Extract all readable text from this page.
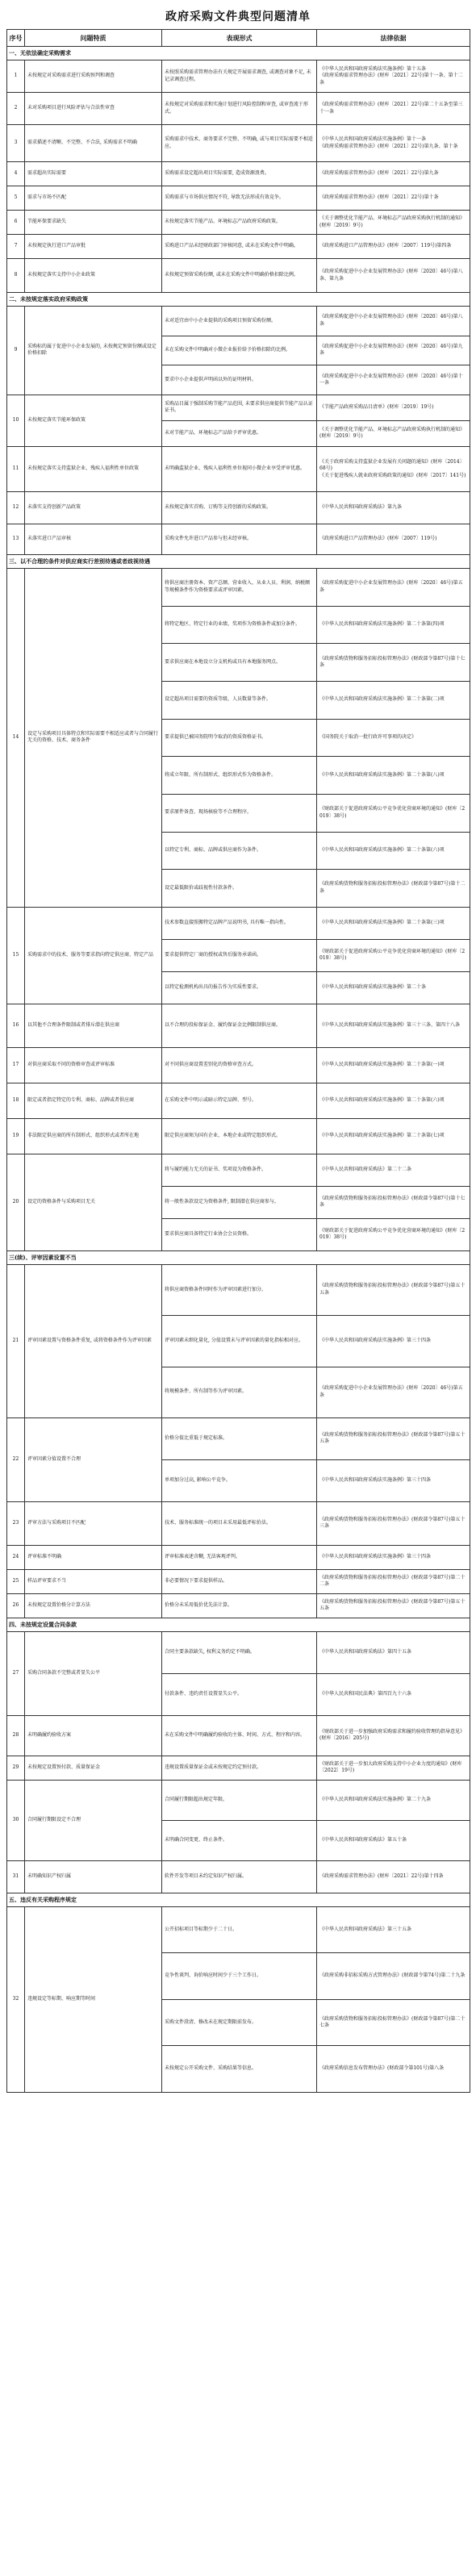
政府采购文件典型问题清单
序号	问题特质	表现形式	法律依据
一、无依法确定采购需求			
1	未按规定对采购需求进行采购预判和调查	未按照采购需求管理办法有关规定开展需求调查, 或调查对象不足, 未记录调查过程。	《中华人民共和国政府采购法实施条例》第十五条
《政府采购需求管理办法》(财库〔2021〕22号)第十一条、第十二条
2	未对采购项目进行风险评估与合法性审查	未按规定对采购需求和实施计划进行风险控制和审查, 或审查流于形式。	《政府采购需求管理办法》(财库〔2021〕22号)第二十五条至第三十一条
3	需求描述不清晰、不完整、不合法, 采购需求不明确	采购需求中技术、商务要求不完整、不明确, 或与项目实际需要不相适应。	《中华人民共和国政府采购法实施条例》第十一条
《政府采购需求管理办法》(财库〔2021〕22号)第九条、第十条
4	需求超出实际需要	采购需求设定超出项目实际需要, 造成资源浪费。	《政府采购需求管理办法》(财库〔2021〕22号)第九条
5	需求与市场不匹配	采购需求与市场供应情况不符, 导致无法形成有效竞争。	《政府采购需求管理办法》(财库〔2021〕22号)第十条
6	节能环保要求缺失	未按规定落实节能产品、环境标志产品政府采购政策。	《关于调整优化节能产品、环境标志产品政府采购执行机制的通知》(财库〔2019〕9号)
7	未按规定执行进口产品审批	采购进口产品未经财政部门审核同意, 或未在采购文件中明确。	《政府采购进口产品管理办法》(财库〔2007〕119号)第四条
8	未按规定落实支持中小企业政策	未按规定预留采购份额, 或未在采购文件中明确价格扣除比例。	《政府采购促进中小企业发展管理办法》(财库〔2020〕46号)第八条、第九条
二、未按规定落实政府采购政策			
9	采购标的属于促进中小企业发展的, 未按规定预留份额或设定价格扣除	未对适宜由中小企业提供的采购项目预留采购份额。	《政府采购促进中小企业发展管理办法》(财库〔2020〕46号)第八条
		未在采购文件中明确对小微企业报价给予价格扣除的比例。	《政府采购促进中小企业发展管理办法》(财库〔2020〕46号)第九条
		要求中小企业提供声明函以外的证明材料。	《政府采购促进中小企业发展管理办法》(财库〔2020〕46号)第十一条
10	未按规定落实节能环保政策	采购品目属于强制采购节能产品范围, 未要求供应商提供节能产品认证证书。	《节能产品政府采购品目清单》(财库〔2019〕19号)
		未对节能产品、环境标志产品给予评审优惠。	《关于调整优化节能产品、环境标志产品政府采购执行机制的通知》(财库〔2019〕9号)
11	未按规定落实支持监狱企业、残疾人福利性单位政策	未明确监狱企业、残疾人福利性单位视同小微企业享受评审优惠。	《关于政府采购支持监狱企业发展有关问题的通知》(财库〔2014〕68号)
《关于促进残疾人就业政府采购政策的通知》(财库〔2017〕141号)
12	未落实支持创新产品政策	未按规定落实首购、订购等支持创新的采购政策。	《中华人民共和国政府采购法》第九条
13	未落实进口产品审核	采购文件允许进口产品参与但未经审核。	《政府采购进口产品管理办法》(财库〔2007〕119号)
三、以不合理的条件对供应商实行差别待遇或者歧视待遇			
14	设定与采购项目具体特点和实际需要不相适应或者与合同履行无关的资格、技术、商务条件	将供应商注册资本、资产总额、营业收入、从业人员、利润、纳税额等规模条件作为资格要求或评审因素。	《政府采购促进中小企业发展管理办法》(财库〔2020〕46号)第五条
		将特定地区、特定行业的业绩、奖项作为资格条件或加分条件。	《中华人民共和国政府采购法实施条例》第二十条第(四)项
		要求供应商在本地设立分支机构或具有本地服务网点。	《政府采购货物和服务招标投标管理办法》(财政部令第87号)第十七条
		设定超出项目需要的资质等级、人员数量等条件。	《中华人民共和国政府采购法实施条例》第二十条第(二)项
		要求提供已被国务院明令取消的资质资格证书。	《国务院关于取消一批行政许可事项的决定》
		将成立年限、所有制形式、组织形式作为资格条件。	《中华人民共和国政府采购法实施条例》第二十条第(八)项
		要求原件备查、现场核验等不合理程序。	《财政部关于促进政府采购公平竞争优化营商环境的通知》(财库〔2019〕38号)
		以特定专利、商标、品牌或供应商作为条件。	《中华人民共和国政府采购法实施条例》第二十条第(六)项
		设定最低限价或歧视性付款条件。	《政府采购货物和服务招标投标管理办法》(财政部令第87号)第十二条
15	采购需求中的技术、服务等要求指向特定供应商、特定产品	技术参数直接照搬特定品牌产品说明书, 具有唯一指向性。	《中华人民共和国政府采购法实施条例》第二十条第(三)项
		要求提供特定厂商的授权或售后服务承诺函。	《财政部关于促进政府采购公平竞争优化营商环境的通知》(财库〔2019〕38号)
		以特定检测机构出具的报告作为实质性要求。	《中华人民共和国政府采购法实施条例》第二十条
16	以其他不合理条件限制或者排斥潜在供应商	以不合理的投标保证金、履约保证金比例限制供应商。	《中华人民共和国政府采购法实施条例》第三十三条、第四十八条
17	对供应商采取不同的资格审查或评审标准	对不同供应商设置差别化的资格审查方式。	《中华人民共和国政府采购法实施条例》第二十条第(一)项
18	限定或者指定特定的专利、商标、品牌或者供应商	在采购文件中明示或暗示特定品牌、型号。	《中华人民共和国政府采购法实施条例》第二十条第(六)项
19	非法限定供应商的所有制形式、组织形式或者所在地	限定供应商须为国有企业、本地企业或特定组织形式。	《中华人民共和国政府采购法实施条例》第二十条第(七)项
20	设定的资格条件与采购项目无关	将与履约能力无关的证书、奖项设为资格条件。	《中华人民共和国政府采购法》第二十二条
		将一般性条款设定为资格条件, 限制潜在供应商参与。	《政府采购货物和服务招标投标管理办法》(财政部令第87号)第十七条
		要求供应商具备特定行业协会会员资格。	《财政部关于促进政府采购公平竞争优化营商环境的通知》(财库〔2019〕38号)
三(续)、评审因素设置不当			
21	评审因素设置与资格条件重复, 或将资格条件作为评审因素	将供应商资格条件同时作为评审因素进行加分。	《政府采购货物和服务招标投标管理办法》(财政部令第87号)第五十五条
		评审因素未细化量化, 分值设置未与评审因素的量化指标相对应。	《中华人民共和国政府采购法实施条例》第三十四条
		将规模条件、所有制等作为评审因素。	《政府采购促进中小企业发展管理办法》(财库〔2020〕46号)第五条
22	评审因素分值设置不合理	价格分值比重低于规定标准。	《政府采购货物和服务招标投标管理办法》(财政部令第87号)第五十五条
		单项加分过高, 影响公平竞争。	《中华人民共和国政府采购法实施条例》第三十四条
23	评审方法与采购项目不匹配	技术、服务标准统一的项目未采用最低评标价法。	《政府采购货物和服务招标投标管理办法》(财政部令第87号)第五十三条
24	评审标准不明确	评审标准表述含糊, 无法客观评判。	《中华人民共和国政府采购法实施条例》第三十四条
25	样品评审要求不当	非必要情况下要求提供样品。	《政府采购货物和服务招标投标管理办法》(财政部令第87号)第二十二条
26	未按规定设置价格分计算方法	价格分未采用低价优先法计算。	《政府采购货物和服务招标投标管理办法》(财政部令第87号)第五十五条
四、未按规定设置合同条款			
27	采购合同条款不完整或者显失公平	合同主要条款缺失, 权利义务约定不明确。	《中华人民共和国政府采购法》第四十五条
		付款条件、违约责任设置显失公平。	《中华人民共和国民法典》第四百九十六条
28	未明确履约验收方案	未在采购文件中明确履约验收的主体、时间、方式、程序和内容。	《财政部关于进一步加强政府采购需求和履约验收管理的指导意见》(财库〔2016〕205号)
29	未按规定设置预付款、质量保证金	违规设置质量保证金或未按规定约定预付款。	《财政部关于进一步加大政府采购支持中小企业力度的通知》(财库〔2022〕19号)
30	合同履行期限设定不合理	合同履行期限超出规定年限。	《中华人民共和国政府采购法实施条例》第二十九条
		未明确合同变更、终止条件。	《中华人民共和国政府采购法》第五十条
31	未明确知识产权归属	软件开发等项目未约定知识产权归属。	《政府采购需求管理办法》(财库〔2021〕22号)第十四条
五、违反有关采购程序规定			
32	违规设定等标期、响应期等时间	公开招标项目等标期少于二十日。	《中华人民共和国政府采购法》第三十五条
		竞争性谈判、询价响应时间少于三个工作日。	《政府采购非招标采购方式管理办法》(财政部令第74号)第二十九条
		采购文件澄清、修改未在规定期限前发布。	《政府采购货物和服务招标投标管理办法》(财政部令第87号)第二十七条
		未按规定公开采购文件、采购结果等信息。	《政府采购信息发布管理办法》(财政部令第101号)第八条
